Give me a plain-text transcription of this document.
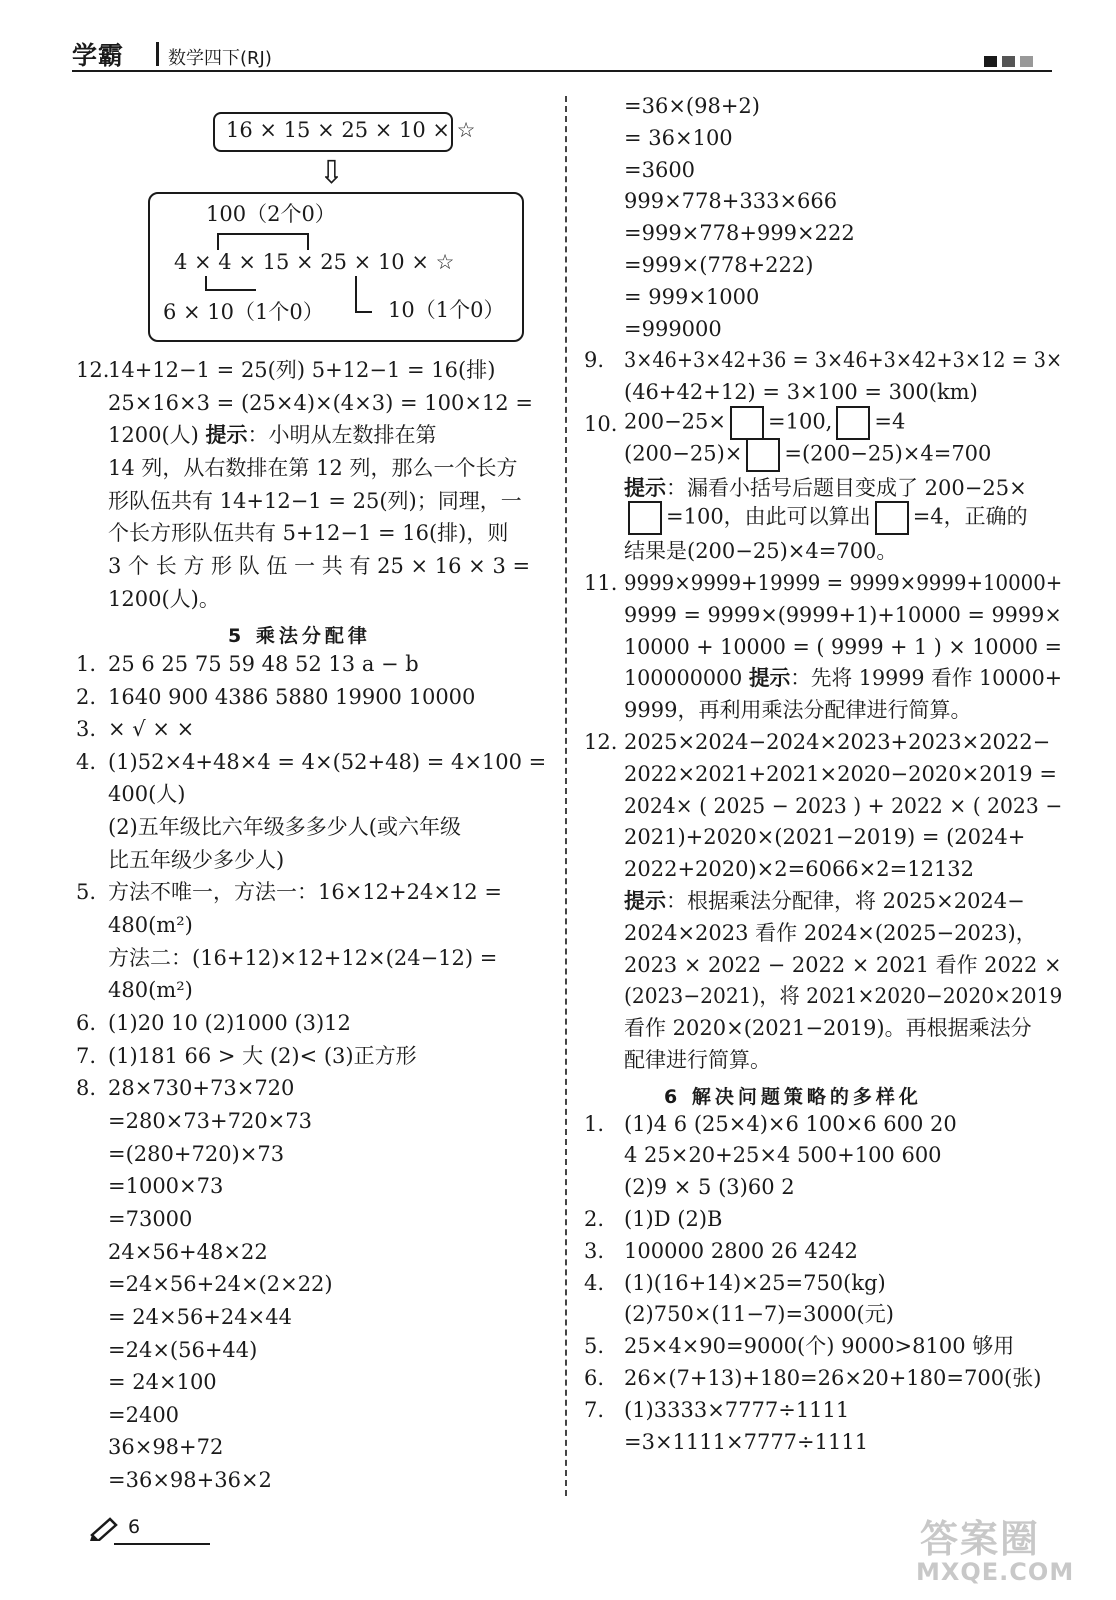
学霸 数学四下(RJ)
16 × 15 × 25 × 10 × ☆
⇩
100（2个0）
4 × 4 × 15 × 25 × 10 × ☆
6 × 10（1个0）	10（1个0）
12.
14+12−1 = 25(列) 5+12−1 = 16(排)
25×16×3 = (25×4)×(4×3) = 100×12 =
1200(人) 提示：小明从左数排在第
14 列，从右数排在第 12 列，那么一个长方
形队伍共有 14+12−1 = 25(列)；同理，一
个长方形队伍共有 5+12−1 = 16(排)，则
3 个 长 方 形 队 伍 一 共 有 25 × 16 × 3 =
1200(人)。
5 乘法分配律
1. 25 6 25 75 59 48 52 13 a − b
2. 1640 900 4386 5880 19900 10000
3. × √ × ×
4. (1)52×4+48×4 = 4×(52+48) = 4×100 =
400(人)
(2)五年级比六年级多多少人(或六年级
比五年级少多少人)
5. 方法不唯一，方法一：16×12+24×12 =
480(m²)
方法二：(16+12)×12+12×(24−12) =
480(m²)
6. (1)20 10 (2)1000 (3)12
7. (1)181 66 > 大 (2)< (3)正方形
8. 28×730+73×720
=280×73+720×73
=(280+720)×73
=1000×73
=73000
24×56+48×22
=24×56+24×(2×22)
= 24×56+24×44
=24×(56+44)
= 24×100
=2400
36×98+72
=36×98+36×2
=36×(98+2)
= 36×100
=3600
999×778+333×666
=999×778+999×222
=999×(778+222)
= 999×1000
=999000
9. 3×46+3×42+36 = 3×46+3×42+3×12 = 3×
(46+42+12) = 3×100 = 300(km)
10. 200−25× =100, =4
(200−25)× =(200−25)×4=700
提示：漏看小括号后题目变成了 200−25×
=100，由此可以算出 =4，正确的
结果是(200−25)×4=700。
11. 9999×9999+19999 = 9999×9999+10000+
9999 = 9999×(9999+1)+10000 = 9999×
10000 + 10000 = ( 9999 + 1 ) × 10000 =
100000000 提示：先将 19999 看作 10000+
9999，再利用乘法分配律进行简算。
12. 2025×2024−2024×2023+2023×2022−
2022×2021+2021×2020−2020×2019 =
2024× ( 2025 − 2023 ) + 2022 × ( 2023 −
2021)+2020×(2021−2019) = (2024+
2022+2020)×2=6066×2=12132
提示：根据乘法分配律，将 2025×2024−
2024×2023 看作 2024×(2025−2023)，
2023 × 2022 − 2022 × 2021 看作 2022 ×
(2023−2021)，将 2021×2020−2020×2019
看作 2020×(2021−2019)。再根据乘法分
配律进行简算。
6 解决问题策略的多样化
1. (1)4 6 (25×4)×6 100×6 600 20
4 25×20+25×4 500+100 600
(2)9 × 5 (3)60 2
2. (1)D (2)B
3. 100000 2800 26 4242
4. (1)(16+14)×25=750(kg)
(2)750×(11−7)=3000(元)
5. 25×4×90=9000(个) 9000>8100 够用
6. 26×(7+13)+180=26×20+180=700(张)
7. (1)3333×7777÷1111
=3×1111×7777÷1111
6	答案圈
MXQE.COM
